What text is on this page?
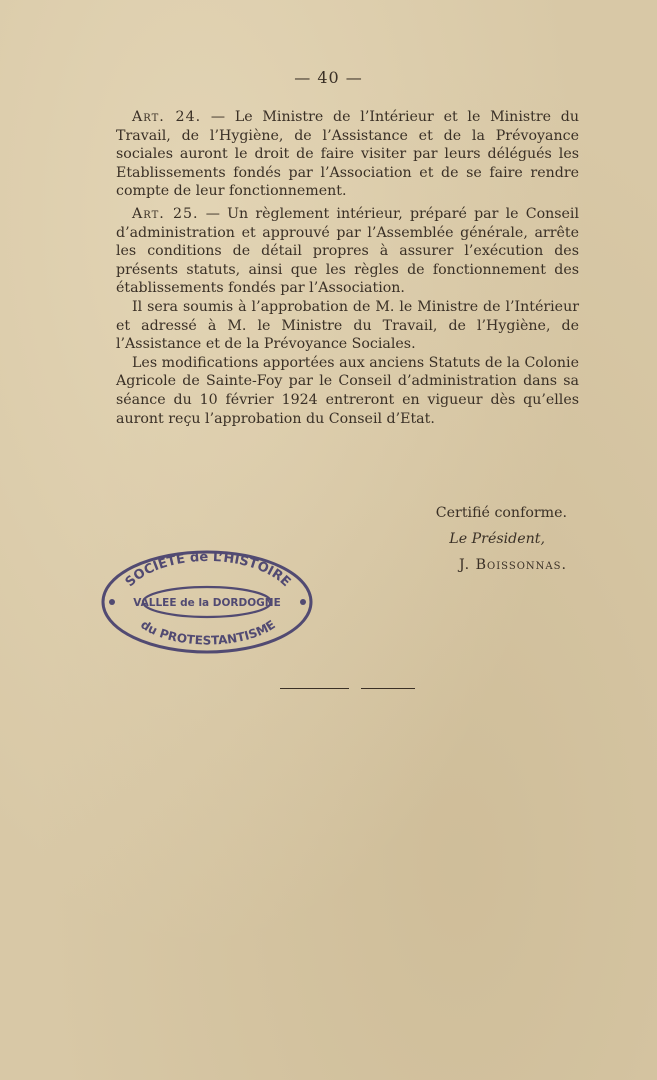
— 40 —

Art. 24. — Le Ministre de l’Intérieur et le Ministre du Travail, de l’Hygiène, de l’Assistance et de la Prévoyance sociales auront le droit de faire visiter par leurs délégués les Etablissements fondés par l’Association et de se faire rendre compte de leur fonctionnement.

Art. 25. — Un règlement intérieur, préparé par le Conseil d’administration et approuvé par l’Assemblée générale, arrête les conditions de détail propres à assurer l’exécution des présents statuts, ainsi que les règles de fonctionnement des établissements fondés par l’Association.

Il sera soumis à l’approbation de M. le Ministre de l’Intérieur et adressé à M. le Ministre du Travail, de l’Hygiène, de l’Assistance et de la Prévoyance Sociales.

Les modifications apportées aux anciens Statuts de la Colonie Agricole de Sainte-Foy par le Conseil d’administration dans sa séance du 10 février 1924 entreront en vigueur dès qu’elles auront reçu l’approbation du Conseil d’Etat.

Certifié conforme.
Le Président,
J. Boissonnas.
SOCIETE de L’HISTOIRE
VALLEE de la DORDOGNE
du PROTESTANTISME
